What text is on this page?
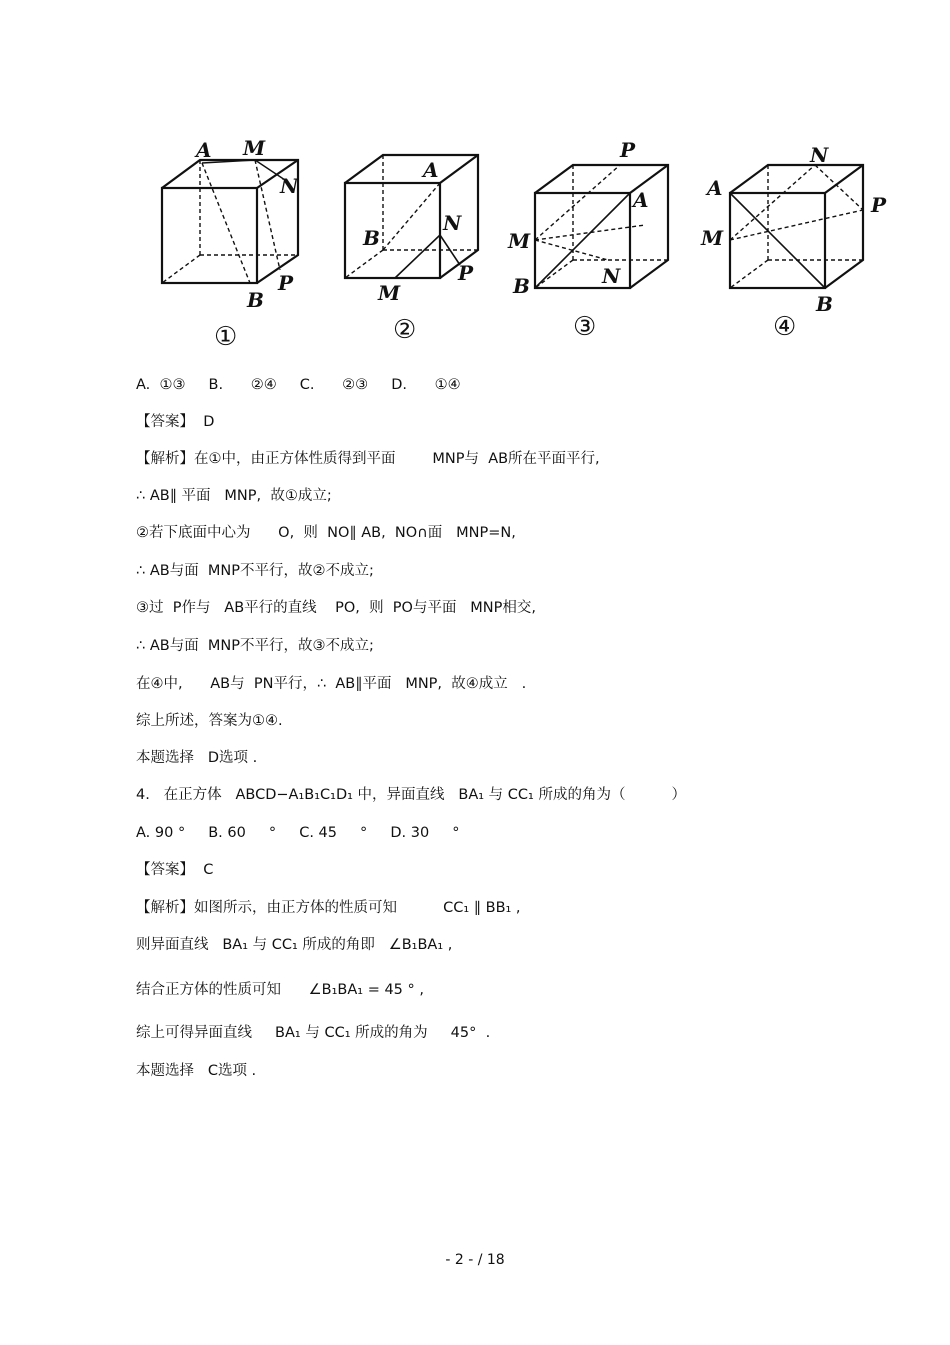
A M
N
P
B
A
B
N
M
P
P
A
M
N
B
N
A
M
P
B
①	②	③	④
A.  ①③     B.      ②④     C.      ②③     D.      ①④
【答案】  D
【解析】在①中，由正方体性质得到平面        MNP与  AB所在平面平行,
∴ AB∥ 平面   MNP,  故①成立;
②若下底面中心为      O,  则  NO∥ AB,  NO∩面   MNP=N,
∴ AB与面  MNP不平行，故②不成立;
③过  P作与   AB平行的直线    PO,  则  PO与平面   MNP相交,
∴ AB与面  MNP不平行，故③不成立;
在④中,      AB与  PN平行，∴  AB∥平面   MNP,  故④成立   .
综上所述，答案为①④.
本题选择   D选项 .
4.   在正方体   ABCD−A₁B₁C₁D₁ 中，异面直线   BA₁ 与 CC₁ 所成的角为（          ）
A. 90 °     B. 60     °     C. 45     °     D. 30     °
【答案】  C
【解析】如图所示，由正方体的性质可知          CC₁ ∥ BB₁ ,
则异面直线   BA₁ 与 CC₁ 所成的角即   ∠B₁BA₁ ,
结合正方体的性质可知      ∠B₁BA₁ = 45 ° ,
综上可得异面直线     BA₁ 与 CC₁ 所成的角为     45°  .
本题选择   C选项 .
- 2 - / 18
